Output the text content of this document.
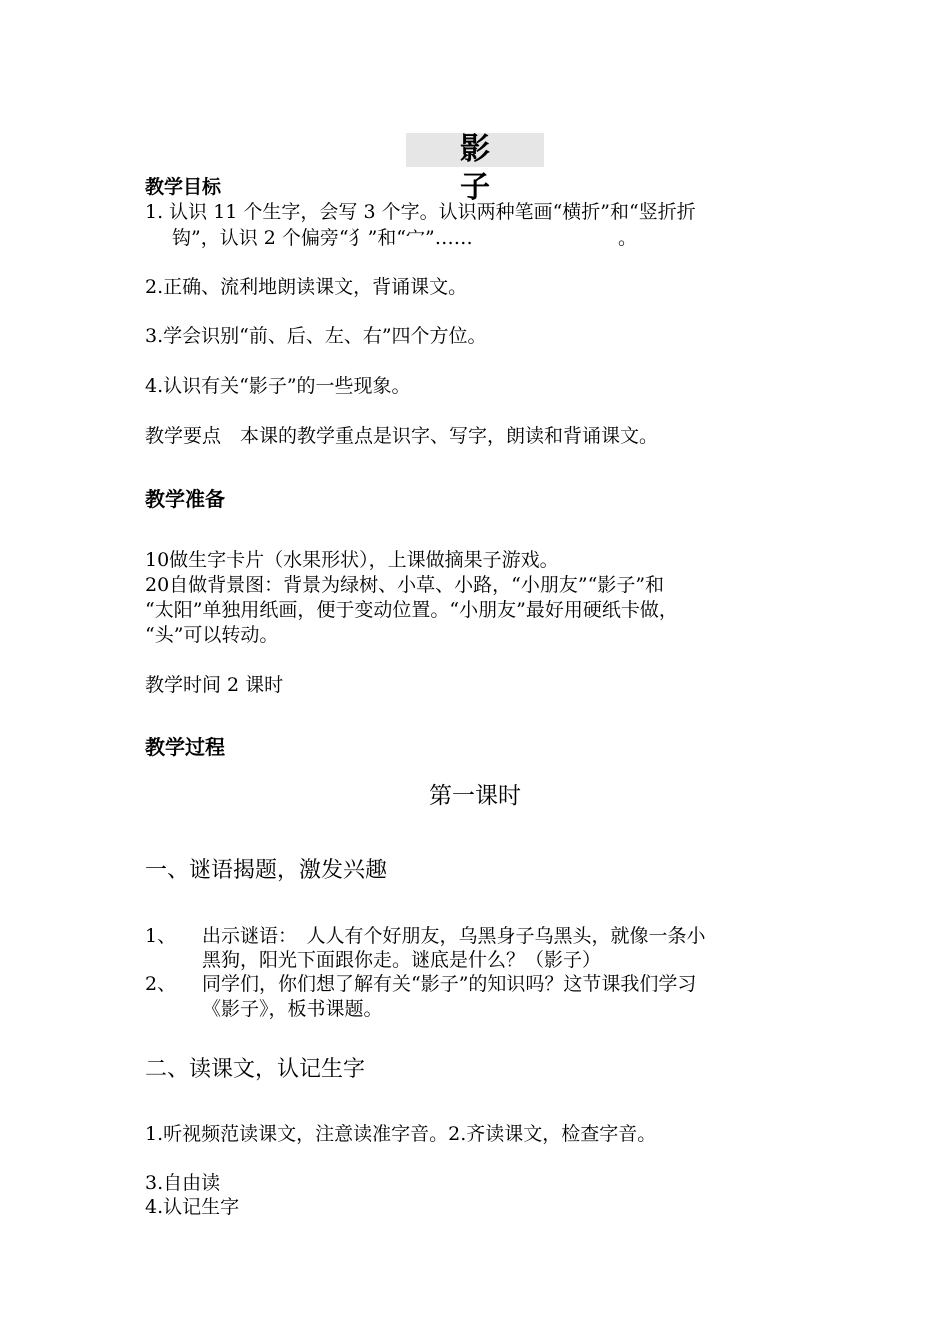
影 子
教学目标
1. 认识 11 个生字，会写 3 个字。认识两种笔画“横折”和“竖折折
钩”，认识 2 个偏旁“犭”和“宀”……	。
2.正确、流利地朗读课文，背诵课文。
3.学会识别“前、后、左、右”四个方位。
4.认识有关“影子”的一些现象。
教学要点　本课的教学重点是识字、写字，朗读和背诵课文。
教学准备
10做生字卡片（水果形状），上课做摘果子游戏。
20自做背景图：背景为绿树、小草、小路，“小朋友”“影子”和
“太阳”单独用纸画，便于变动位置。“小朋友”最好用硬纸卡做，
“头”可以转动。
教学时间 2 课时
教学过程
第一课时
一、谜语揭题，激发兴趣
1、 出示谜语：　人人有个好朋友，乌黑身子乌黑头，就像一条小
黑狗，阳光下面跟你走。谜底是什么？（影子）
2、 同学们，你们想了解有关“影子”的知识吗？这节课我们学习
《影子》，板书课题。
二、读课文，认记生字
1.听视频范读课文，注意读准字音。2.齐读课文，检查字音。
3.自由读
4.认记生字
